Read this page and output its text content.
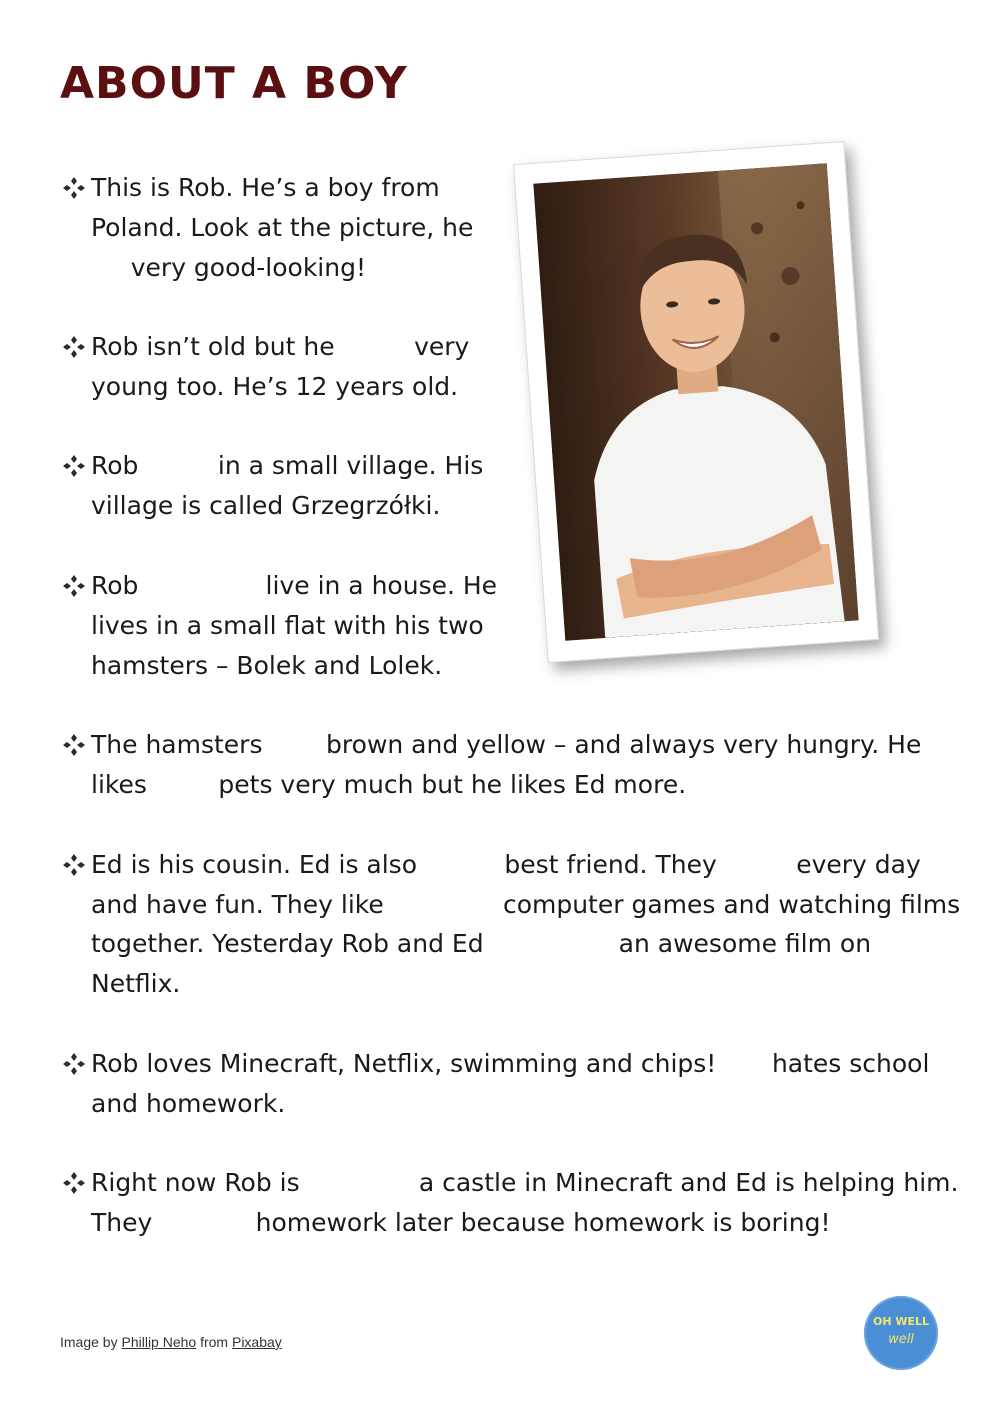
ABOUT A BOY
This is Rob. He’s a boy from
Poland. Look at the picture, he
very good-looking!
Rob isn’t old but he          very
young too. He’s 12 years old.
Rob          in a small village. His
village is called Grzegrzółki.
Rob                live in a house. He
lives in a small flat with his two
hamsters – Bolek and Lolek.
The hamsters        brown and yellow – and always very hungry. He
likes         pets very much but he likes Ed more.
Ed is his cousin. Ed is also           best friend. They          every day
and have fun. They like               computer games and watching films
together. Yesterday Rob and Ed                 an awesome film on
Netflix.
Rob loves Minecraft, Netflix, swimming and chips!       hates school
and homework.
Right now Rob is               a castle in Minecraft and Ed is helping him.
They             homework later because homework is boring!

Image by Phillip Neho from Pixabay

OH WELL
well
